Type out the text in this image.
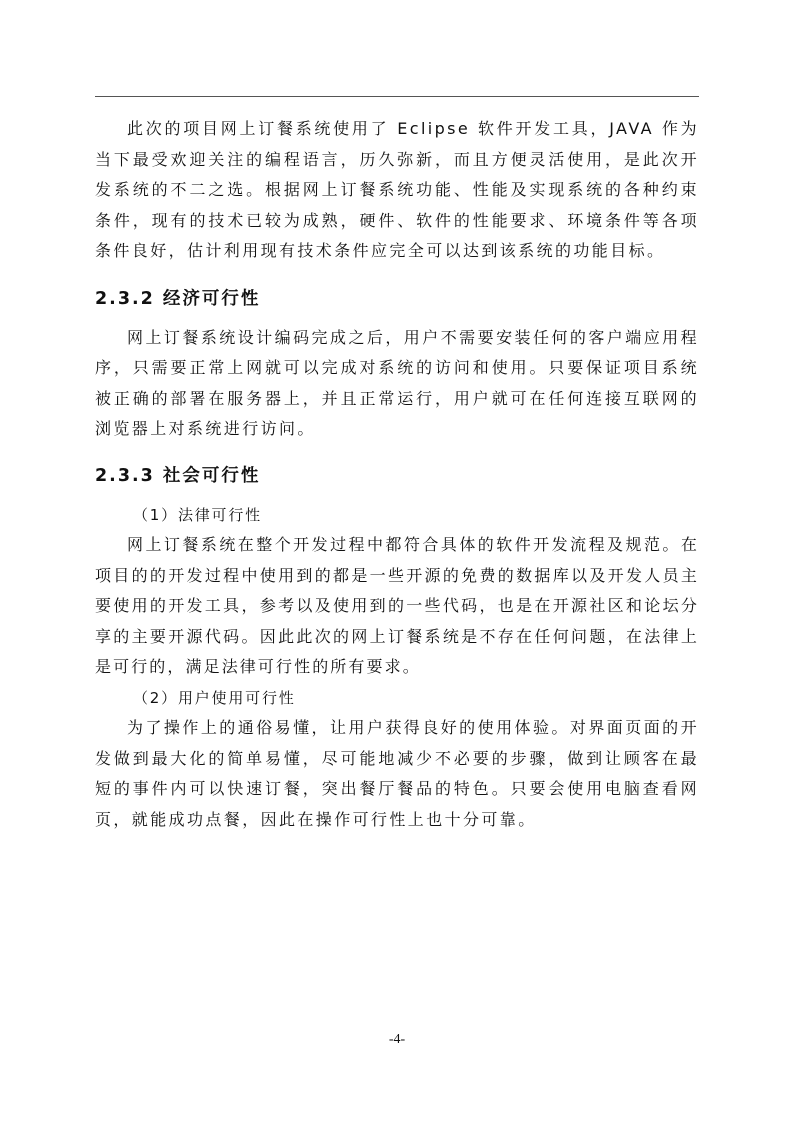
此次的项目网上订餐系统使用了 Eclipse 软件开发工具，JAVA 作为当下最受欢迎关注的编程语言，历久弥新，而且方便灵活使用，是此次开发系统的不二之选。根据网上订餐系统功能、性能及实现系统的各种约束条件，现有的技术已较为成熟，硬件、软件的性能要求、环境条件等各项条件良好，估计利用现有技术条件应完全可以达到该系统的功能目标。

2.3.2 经济可行性

网上订餐系统设计编码完成之后，用户不需要安装任何的客户端应用程序，只需要正常上网就可以完成对系统的访问和使用。只要保证项目系统被正确的部署在服务器上，并且正常运行，用户就可在任何连接互联网的浏览器上对系统进行访问。

2.3.3 社会可行性

（1）法律可行性

网上订餐系统在整个开发过程中都符合具体的软件开发流程及规范。在项目的的开发过程中使用到的都是一些开源的免费的数据库以及开发人员主要使用的开发工具，参考以及使用到的一些代码，也是在开源社区和论坛分享的主要开源代码。因此此次的网上订餐系统是不存在任何问题，在法律上是可行的，满足法律可行性的所有要求。

（2）用户使用可行性

为了操作上的通俗易懂，让用户获得良好的使用体验。对界面页面的开发做到最大化的简单易懂，尽可能地减少不必要的步骤，做到让顾客在最短的事件内可以快速订餐，突出餐厅餐品的特色。只要会使用电脑查看网页，就能成功点餐，因此在操作可行性上也十分可靠。

-4-
